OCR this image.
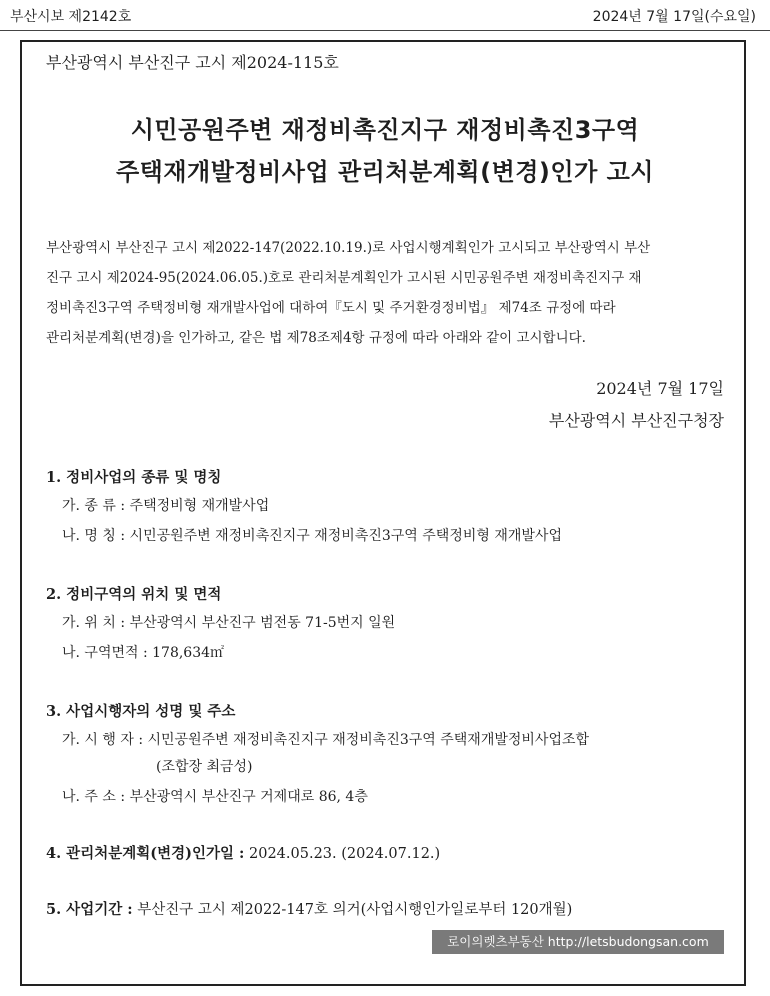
부산시보 제2142호	2024년 7월 17일(수요일)
부산광역시 부산진구 고시 제2024-115호
시민공원주변 재정비촉진지구 재정비촉진3구역
주택재개발정비사업 관리처분계획(변경)인가 고시
부산광역시 부산진구 고시 제2022-147(2022.10.19.)로 사업시행계획인가 고시되고 부산광역시 부산
진구 고시 제2024-95(2024.06.05.)호로 관리처분계획인가 고시된 시민공원주변 재정비촉진지구 재
정비촉진3구역 주택정비형 재개발사업에 대하여『도시 및 주거환경정비법』 제74조 규정에 따라
관리처분계획(변경)을 인가하고, 같은 법 제78조제4항 규정에 따라 아래와 같이 고시합니다.
2024년 7월 17일
부산광역시 부산진구청장
1. 정비사업의 종류 및 명칭
가. 종 류 : 주택정비형 재개발사업
나. 명 칭 : 시민공원주변 재정비촉진지구 재정비촉진3구역 주택정비형 재개발사업
2. 정비구역의 위치 및 면적
가. 위 치 : 부산광역시 부산진구 범전동 71-5번지 일원
나. 구역면적 : 178,634㎡
3. 사업시행자의 성명 및 주소
가. 시 행 자 : 시민공원주변 재정비촉진지구 재정비촉진3구역 주택재개발정비사업조합
(조합장 최금성)
나. 주 소 : 부산광역시 부산진구 거제대로 86, 4층
4. 관리처분계획(변경)인가일 : 2024.05.23. (2024.07.12.)
5. 사업기간 : 부산진구 고시 제2022-147호 의거(사업시행인가일로부터 120개월)
로이의렛츠부동산 http://letsbudongsan.com
